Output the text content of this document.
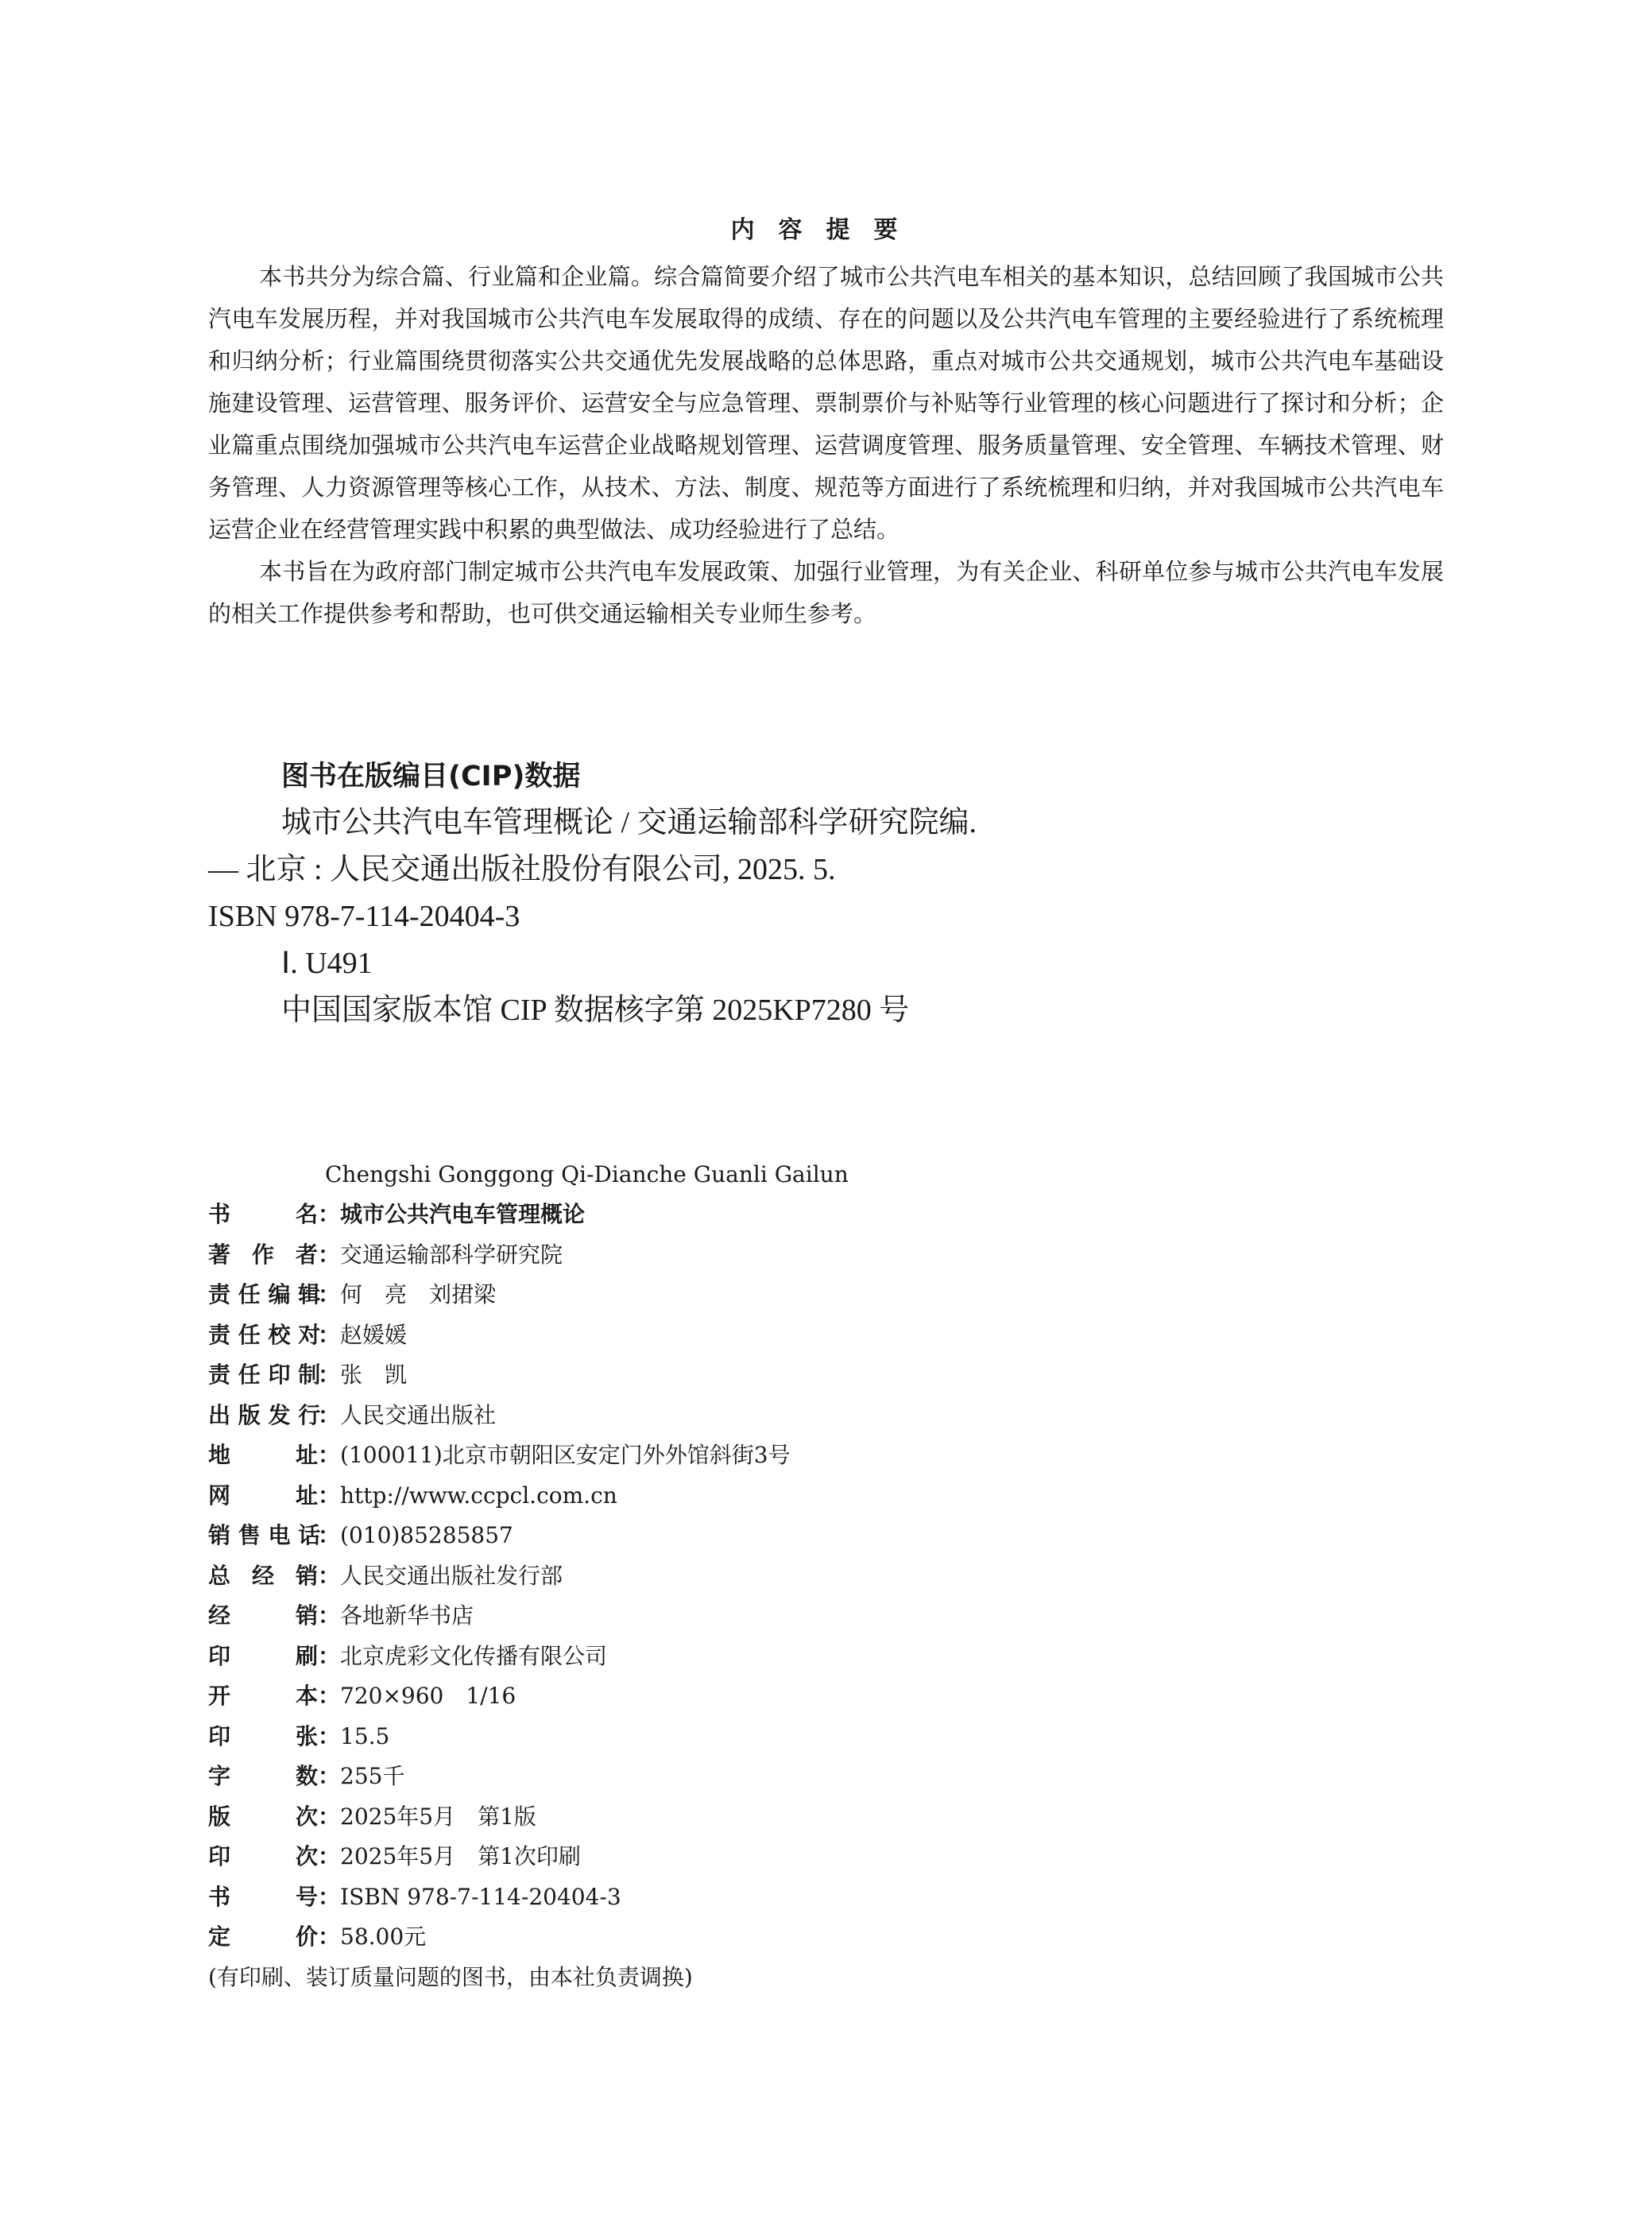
内容提要

本书共分为综合篇、行业篇和企业篇。综合篇简要介绍了城市公共汽电车相关的基本知识，总结回顾了我国城市公共汽电车发展历程，并对我国城市公共汽电车发展取得的成绩、存在的问题以及公共汽电车管理的主要经验进行了系统梳理和归纳分析；行业篇围绕贯彻落实公共交通优先发展战略的总体思路，重点对城市公共交通规划，城市公共汽电车基础设施建设管理、运营管理、服务评价、运营安全与应急管理、票制票价与补贴等行业管理的核心问题进行了探讨和分析；企业篇重点围绕加强城市公共汽电车运营企业战略规划管理、运营调度管理、服务质量管理、安全管理、车辆技术管理、财务管理、人力资源管理等核心工作，从技术、方法、制度、规范等方面进行了系统梳理和归纳，并对我国城市公共汽电车运营企业在经营管理实践中积累的典型做法、成功经验进行了总结。

本书旨在为政府部门制定城市公共汽电车发展政策、加强行业管理，为有关企业、科研单位参与城市公共汽电车发展的相关工作提供参考和帮助，也可供交通运输相关专业师生参考。

图书在版编目(CIP)数据

城市公共汽电车管理概论 / 交通运输部科学研究院编. — 北京 : 人民交通出版社股份有限公司, 2025. 5.

ISBN 978-7-114-20404-3
Ⅰ. U491
中国国家版本馆 CIP 数据核字第 2025KP7280 号
Chengshi Gonggong Qi-Dianche Guanli Gailun
书 名：城市公共汽电车管理概论
著 作 者：交通运输部科学研究院
责 任 编 辑：何　亮　刘捃梁
责 任 校 对：赵媛媛
责 任 印 制：张　凯
出 版 发 行：人民交通出版社
地 址：(100011)北京市朝阳区安定门外外馆斜街3号
网 址：http://www.ccpcl.com.cn
销 售 电 话：(010)85285857
总 经 销：人民交通出版社发行部
经 销：各地新华书店
印 刷：北京虎彩文化传播有限公司
开 本：720×960　1/16
印 张：15.5
字 数：255千
版 次：2025年5月　第1版
印 次：2025年5月　第1次印刷
书 号：ISBN 978-7-114-20404-3
定 价：58.00元
(有印刷、装订质量问题的图书，由本社负责调换)
